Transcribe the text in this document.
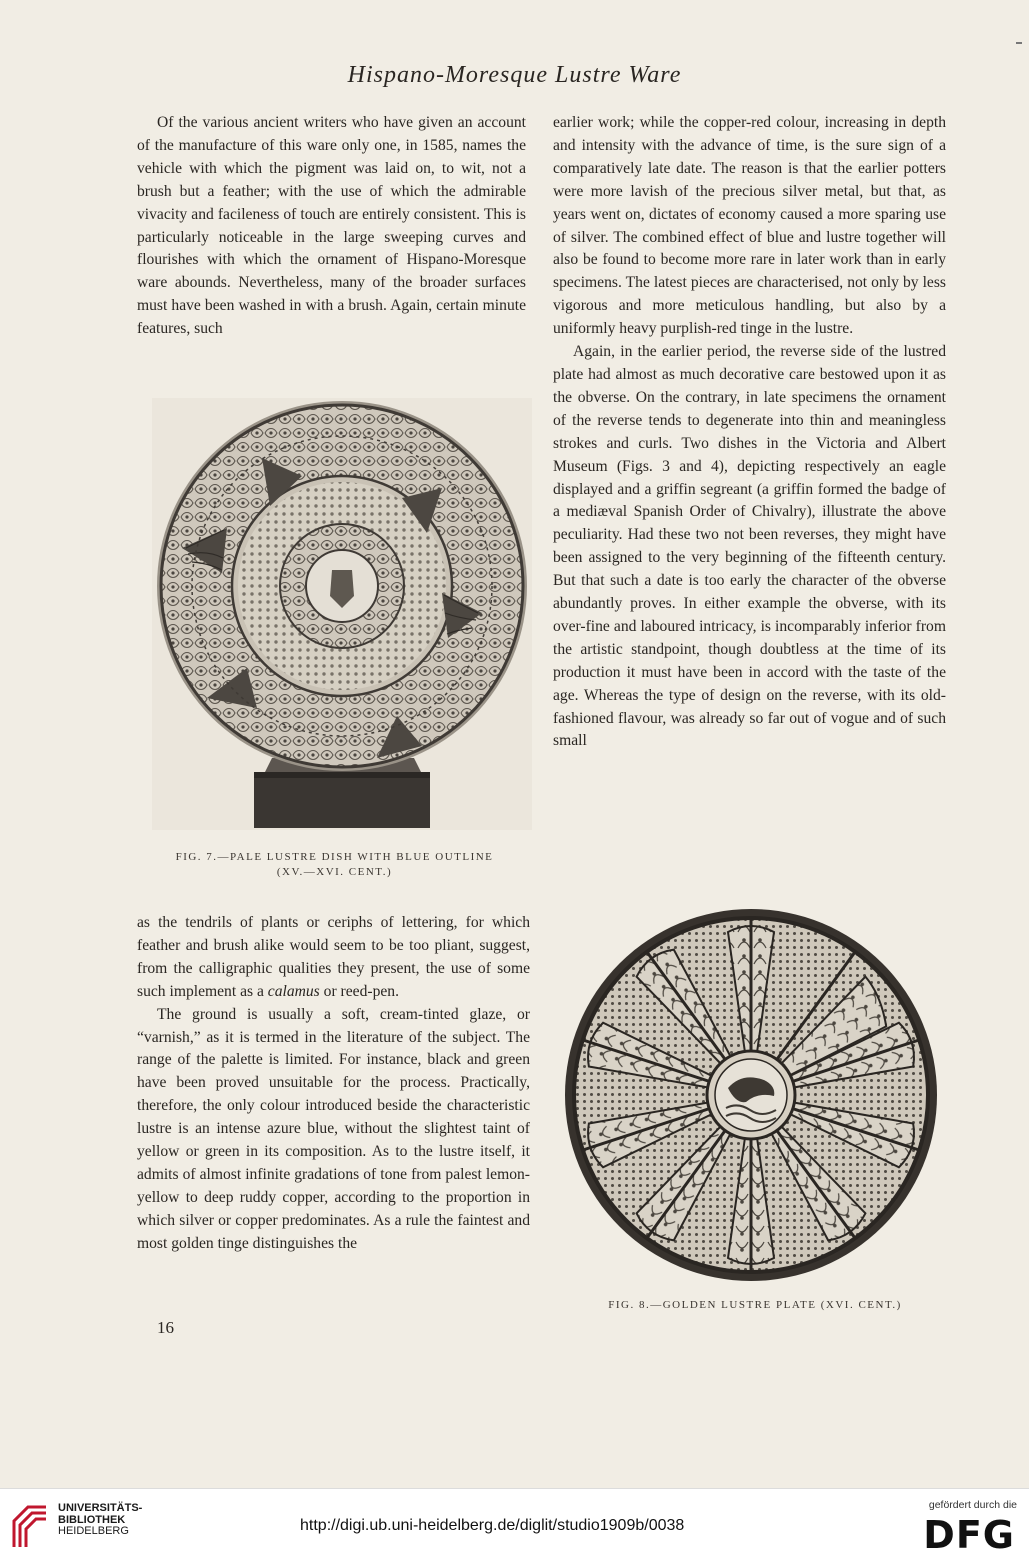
Hispano-Moresque Lustre Ware

Of the various ancient writers who have given an account of the manufacture of this ware only one, in 1585, names the vehicle with which the pigment was laid on, to wit, not a brush but a feather; with the use of which the admirable vivacity and facileness of touch are entirely consistent. This is particularly noticeable in the large sweeping curves and flourishes with which the ornament of Hispano-Moresque ware abounds. Nevertheless, many of the broader surfaces must have been washed in with a brush. Again, certain minute features, such

FIG. 7.—PALE LUSTRE DISH WITH BLUE OUTLINE
(XV.—XVI. CENT.)

as the tendrils of plants or ceriphs of lettering, for which feather and brush alike would seem to be too pliant, suggest, from the calligraphic qualities they present, the use of some such implement as a calamus or reed-pen.

The ground is usually a soft, cream-tinted glaze, or “varnish,” as it is termed in the literature of the subject. The range of the palette is limited. For instance, black and green have been proved unsuitable for the process. Practically, therefore, the only colour introduced beside the characteristic lustre is an intense azure blue, without the slightest taint of yellow or green in its composition. As to the lustre itself, it admits of almost infinite gradations of tone from palest lemon-yellow to deep ruddy copper, according to the proportion in which silver or copper predominates. As a rule the faintest and most golden tinge distinguishes the

16

earlier work; while the copper-red colour, increasing in depth and intensity with the advance of time, is the sure sign of a comparatively late date. The reason is that the earlier potters were more lavish of the precious silver metal, but that, as years went on, dictates of economy caused a more sparing use of silver. The combined effect of blue and lustre together will also be found to become more rare in later work than in early specimens. The latest pieces are characterised, not only by less vigorous and more meticulous handling, but also by a uniformly heavy purplish-red tinge in the lustre.

Again, in the earlier period, the reverse side of the lustred plate had almost as much decorative care bestowed upon it as the obverse. On the contrary, in late specimens the ornament of the reverse tends to degenerate into thin and meaningless strokes and curls. Two dishes in the Victoria and Albert Museum (Figs. 3 and 4), depicting respectively an eagle displayed and a griffin segreant (a griffin formed the badge of a mediæval Spanish Order of Chivalry), illustrate the above peculiarity. Had these two not been reverses, they might have been assigned to the very beginning of the fifteenth century. But that such a date is too early the character of the obverse abundantly proves. In either example the obverse, with its over-fine and laboured intricacy, is incomparably inferior from the artistic standpoint, though doubtless at the time of its production it must have been in accord with the taste of the age. Whereas the type of design on the reverse, with its old-fashioned flavour, was already so far out of vogue and of such small

FIG. 8.—GOLDEN LUSTRE PLATE (XVI. CENT.)
UNIVERSITÄTS-
BIBLIOTHEK
HEIDELBERG	http://digi.ub.uni-heidelberg.de/diglit/studio1909b/0038
gefördert durch die
DFG
